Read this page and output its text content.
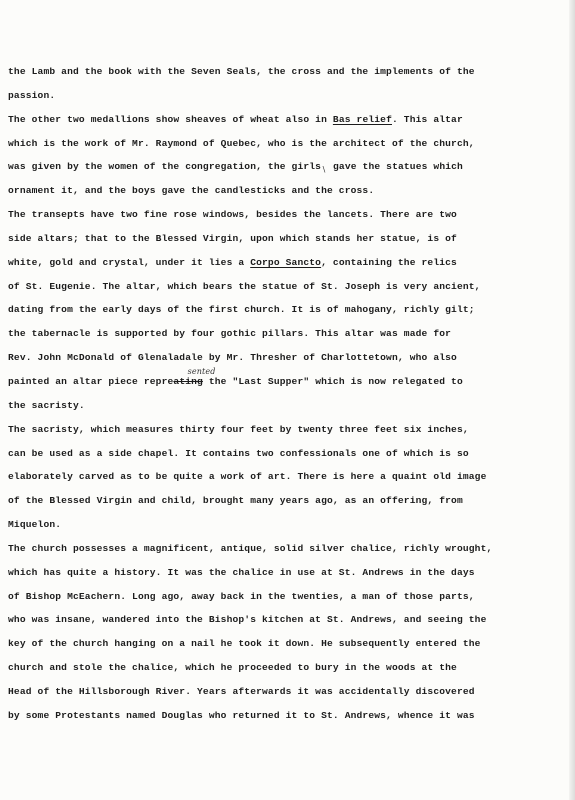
the Lamb and the book with the Seven Seals, the cross and the implements of the
passion.
The other two medallions show sheaves of wheat also in Bas relief. This altar
which is the work of Mr. Raymond of Quebec, who is the architect of the church,
was given by the women of the congregation, the girls \ gave the statues which
ornament it, and the boys gave the candlesticks and the cross.
The transepts have two fine rose windows, besides the lancets. There are two
side altars; that to the Blessed Virgin, upon which stands her statue, is of
white, gold and crystal, under it lies a Corpo Sancto, containing the relics
of St. Eugenie. The altar, which bears the statue of St. Joseph is very ancient,
dating from the early days of the first church. It is of mahogany, richly gilt;
the tabernacle is supported by four gothic pillars. This altar was made for
Rev. John McDonald of Glenaladale by Mr. Thresher of Charlottetown, who also
painted an altar piece repreating
sented
the "Last Supper" which is now relegated to
the sacristy.
The sacristy, which measures thirty four feet by twenty three feet six inches,
can be used as a side chapel. It contains two confessionals one of which is so
elaborately carved as to be quite a work of art. There is here a quaint old image
of the Blessed Virgin and child, brought many years ago, as an offering, from
Miquelon.
The church possesses a magnificent, antique, solid silver chalice, richly wrought,
which has quite a history. It was the chalice in use at St. Andrews in the days
of Bishop McEachern. Long ago, away back in the twenties, a man of those parts,
who was insane, wandered into the Bishop's kitchen at St. Andrews, and seeing the
key of the church hanging on a nail he took it down. He subsequently entered the
church and stole the chalice, which he proceeded to bury in the woods at the
Head of the Hillsborough River. Years afterwards it was accidentally discovered
by some Protestants named Douglas who returned it to St. Andrews, whence it was
